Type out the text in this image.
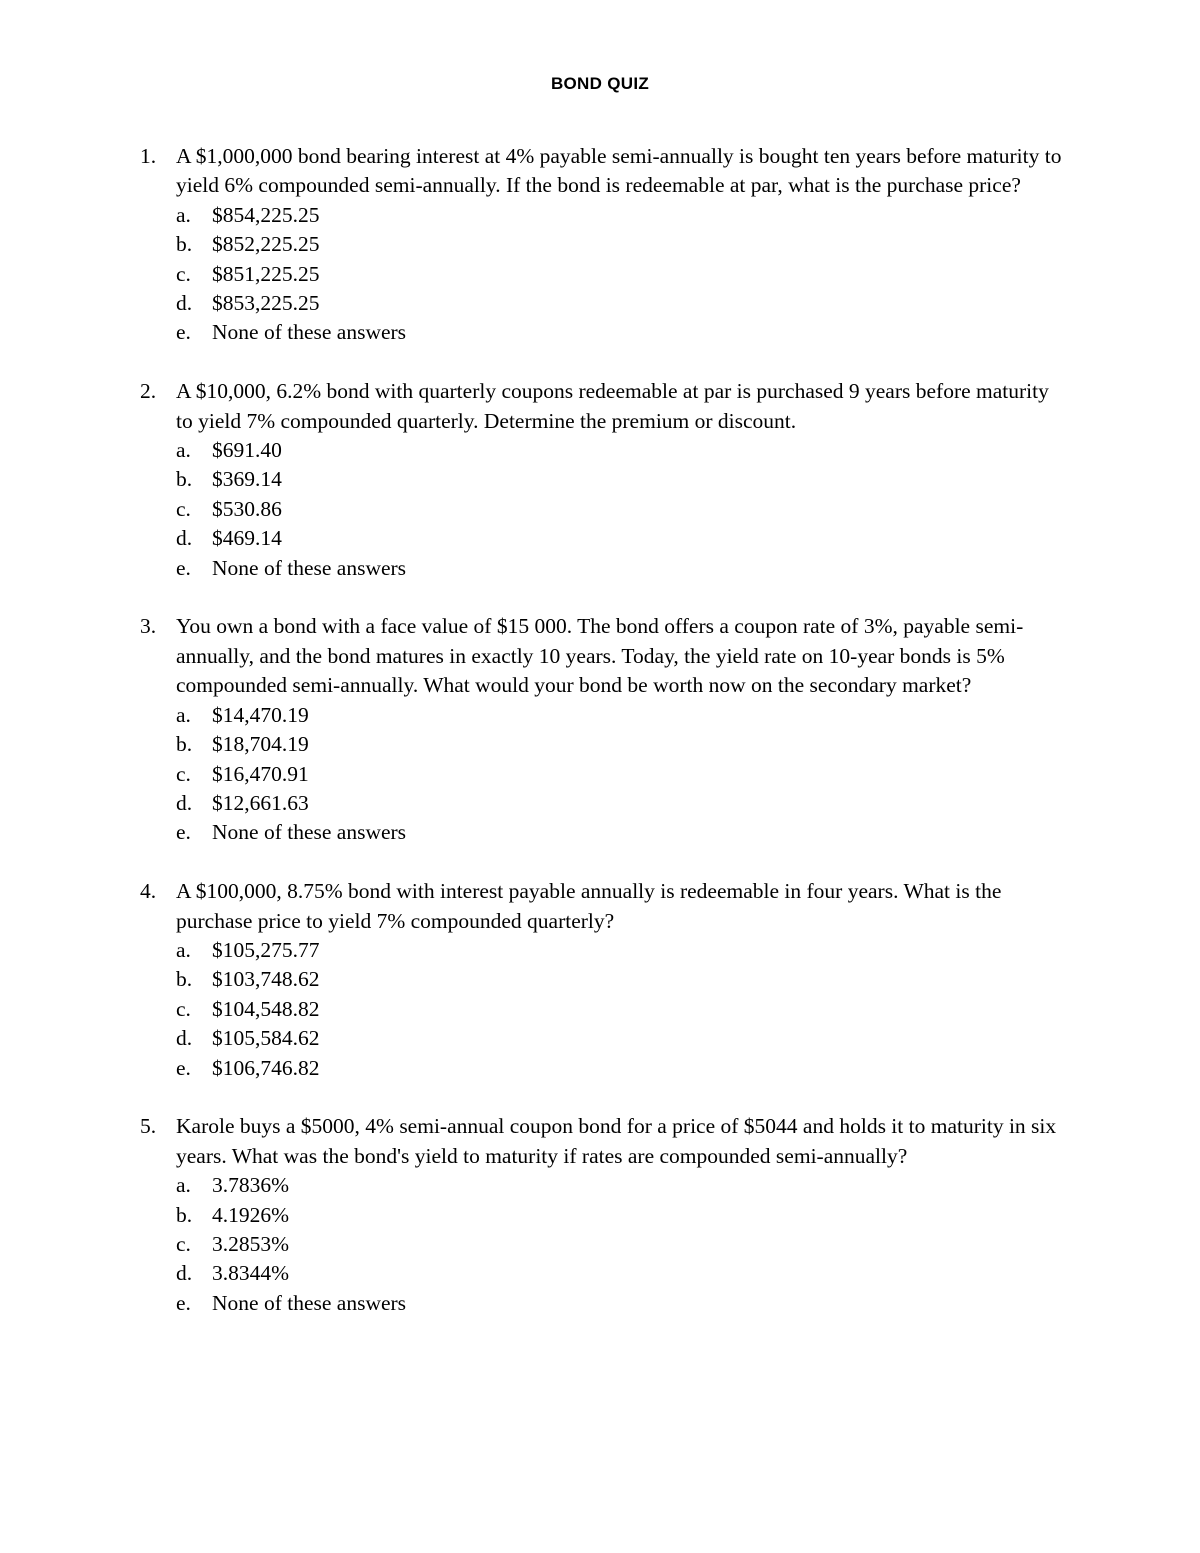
BOND QUIZ
1. A $1,000,000 bond bearing interest at 4% payable semi-annually is bought ten years before maturity to yield 6% compounded semi-annually. If the bond is redeemable at par, what is the purchase price?
a. $854,225.25
b. $852,225.25
c. $851,225.25
d. $853,225.25
e. None of these answers
2. A $10,000, 6.2% bond with quarterly coupons redeemable at par is purchased 9 years before maturity to yield 7% compounded quarterly. Determine the premium or discount.
a. $691.40
b. $369.14
c. $530.86
d. $469.14
e. None of these answers
3. You own a bond with a face value of $15 000. The bond offers a coupon rate of 3%, payable semi-annually, and the bond matures in exactly 10 years. Today, the yield rate on 10-year bonds is 5% compounded semi-annually. What would your bond be worth now on the secondary market?
a. $14,470.19
b. $18,704.19
c. $16,470.91
d. $12,661.63
e. None of these answers
4. A $100,000, 8.75% bond with interest payable annually is redeemable in four years. What is the purchase price to yield 7% compounded quarterly?
a. $105,275.77
b. $103,748.62
c. $104,548.82
d. $105,584.62
e. $106,746.82
5. Karole buys a $5000, 4% semi-annual coupon bond for a price of $5044 and holds it to maturity in six years. What was the bond's yield to maturity if rates are compounded semi-annually?
a. 3.7836%
b. 4.1926%
c. 3.2853%
d. 3.8344%
e. None of these answers
